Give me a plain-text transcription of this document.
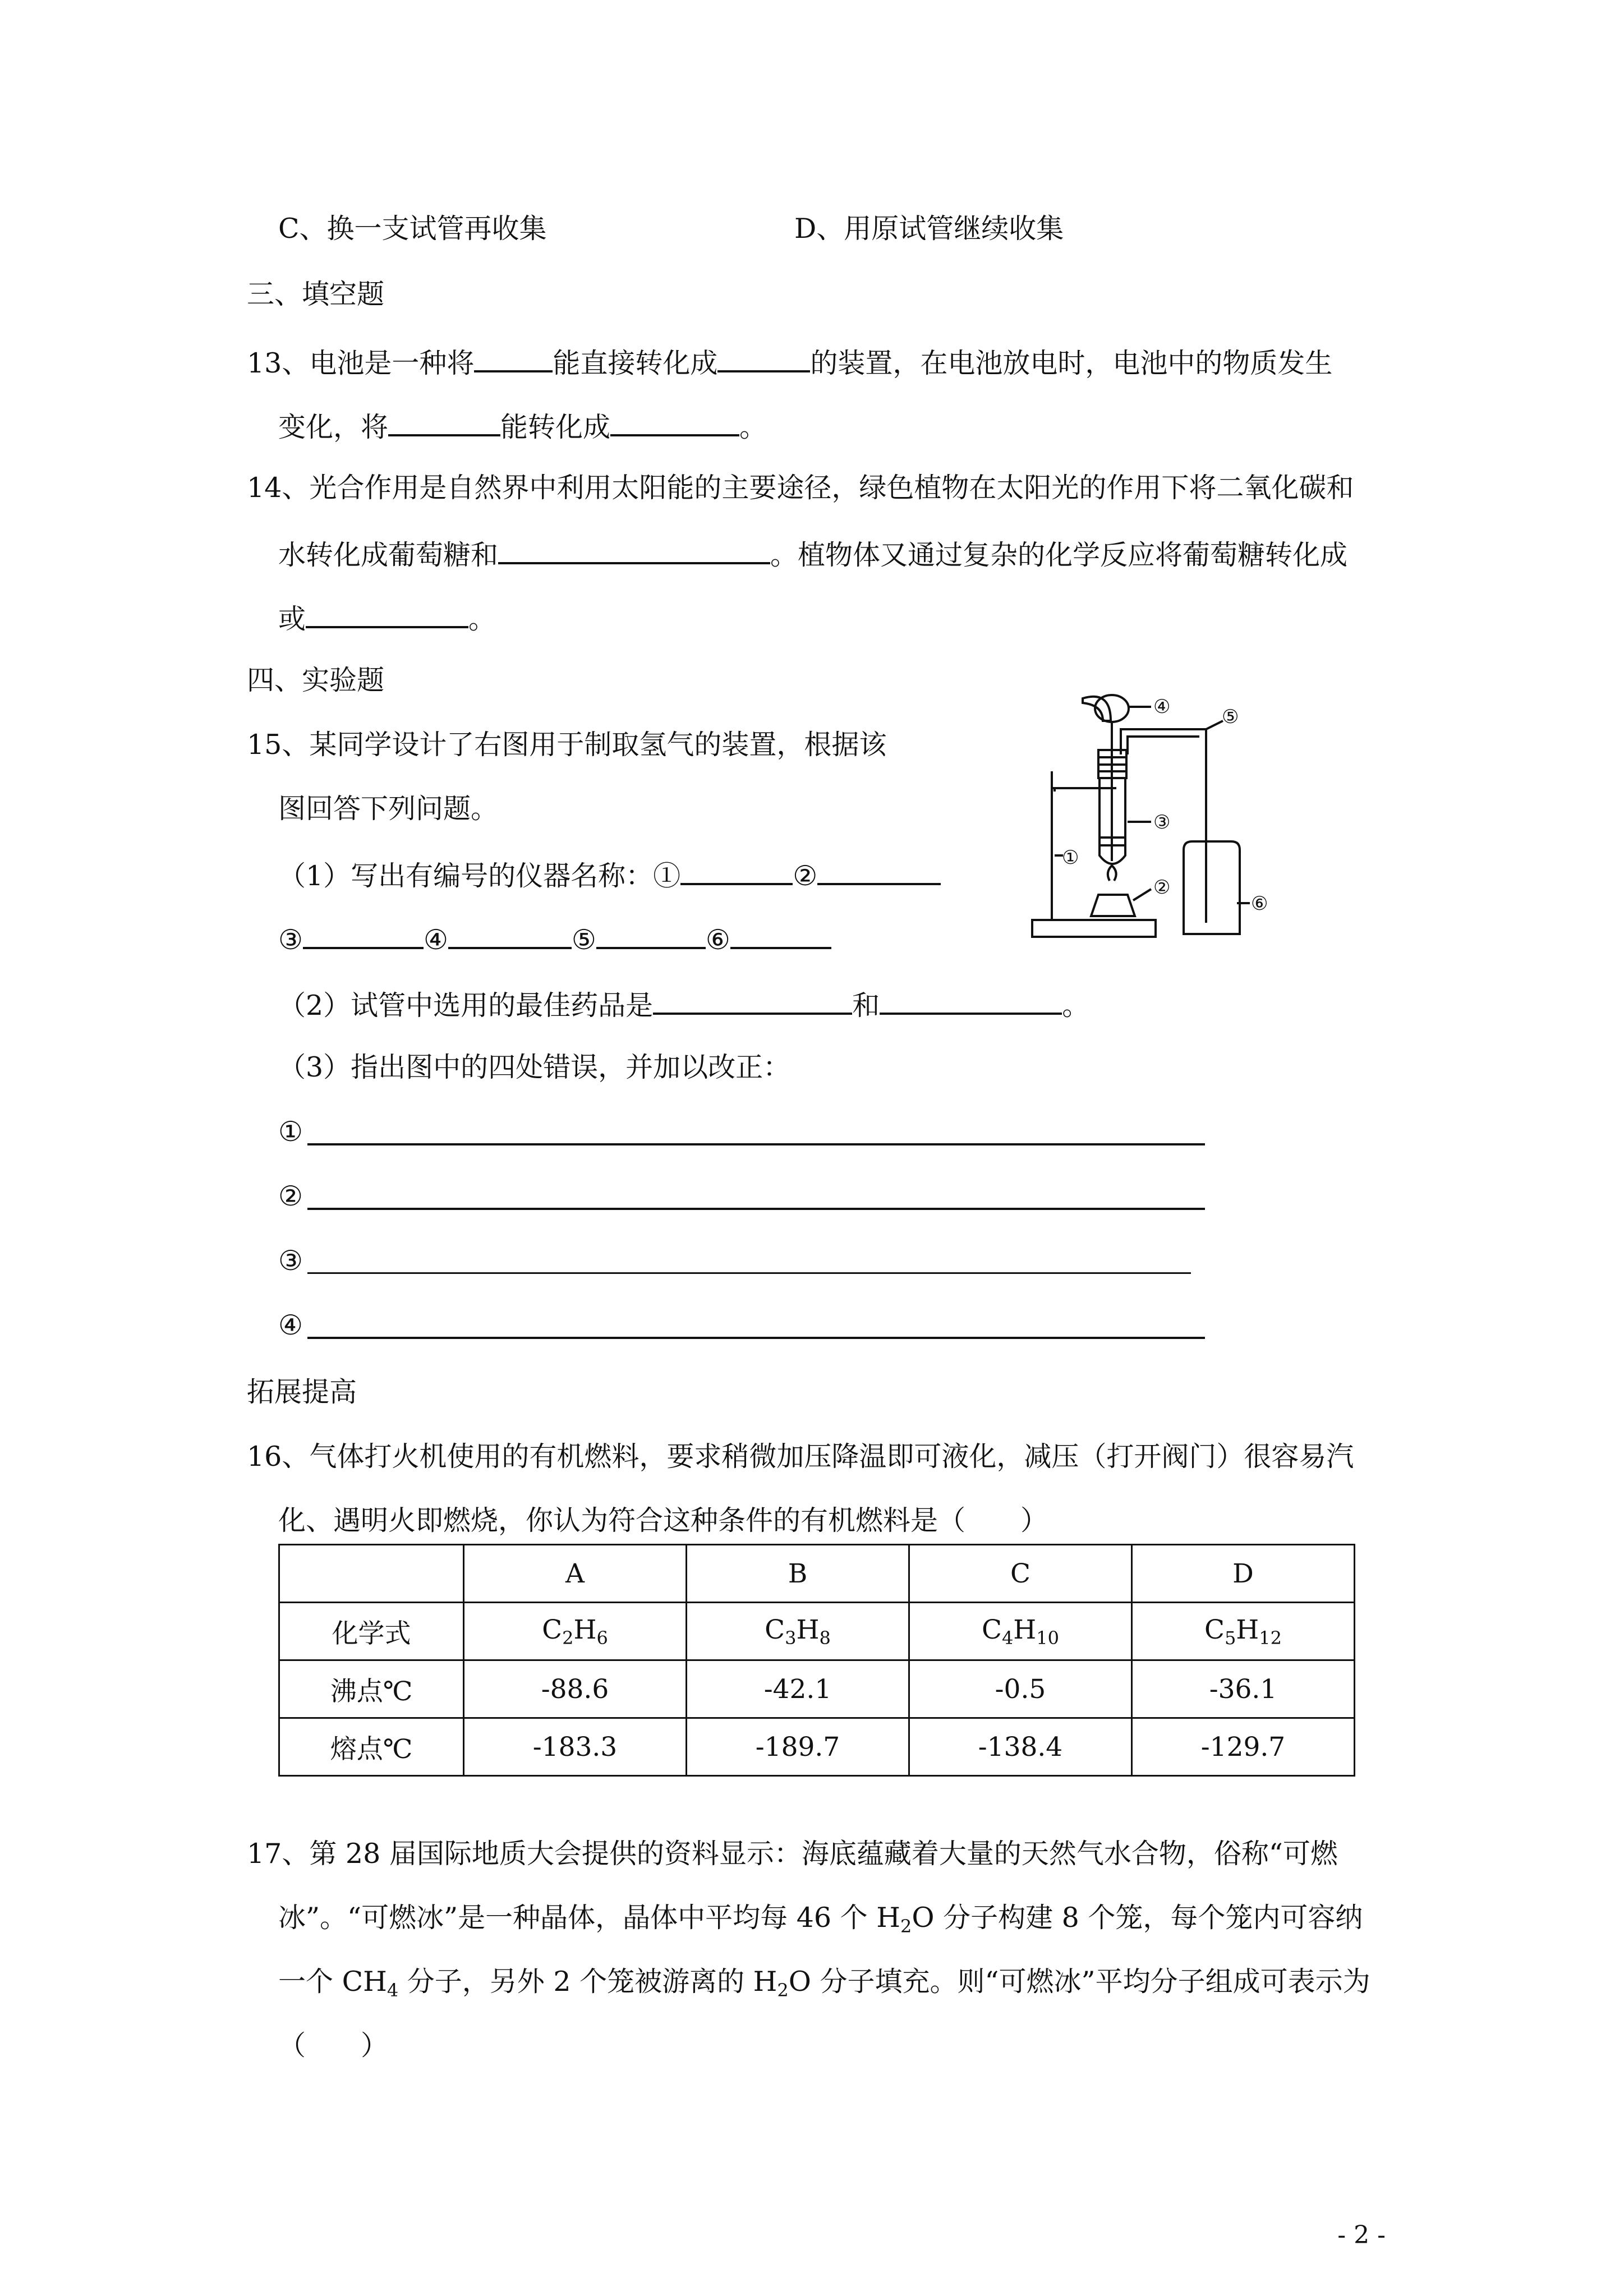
C、换一支试管再收集	D、用原试管继续收集
三、填空题
13、电池是一种将	能直接转化成	的装置，在电池放电时，电池中的物质发生
变化，将	能转化成	。
14、光合作用是自然界中利用太阳能的主要途径，绿色植物在太阳光的作用下将二氧化碳和
水转化成葡萄糖和	。植物体又通过复杂的化学反应将葡萄糖转化成
或	。
四、实验题
15、某同学设计了右图用于制取氢气的装置，根据该
图回答下列问题。
（1）写出有编号的仪器名称：①	②
③	④	⑤	⑥
（2）试管中选用的最佳药品是	和	。
（3）指出图中的四处错误，并加以改正：
①
②
③
④
④	⑤
③
①
②
⑥
拓展提高
16、气体打火机使用的有机燃料，要求稍微加压降温即可液化，减压（打开阀门）很容易汽
化、遇明火即燃烧，你认为符合这种条件的有机燃料是（　　）
	A	B	C	D
化学式	$C_2H_6$	$C_3H_8$	$C_4H_{10}$	$C_5H_{12}$
沸点℃	-88.6	-42.1	-0.5	-36.1
熔点℃	-183.3	-189.7	-138.4	-129.7
17、第 28 届国际地质大会提供的资料显示：海底蕴藏着大量的天然气水合物，俗称“可燃
冰”。“可燃冰”是一种晶体，晶体中平均每 46 个 $H_2O$ 分子构建 8 个笼，每个笼内可容纳
一个 $CH_4$ 分子，另外 2 个笼被游离的 $H_2O$ 分子填充。则“可燃冰”平均分子组成可表示为
（　　）
- 2 -
